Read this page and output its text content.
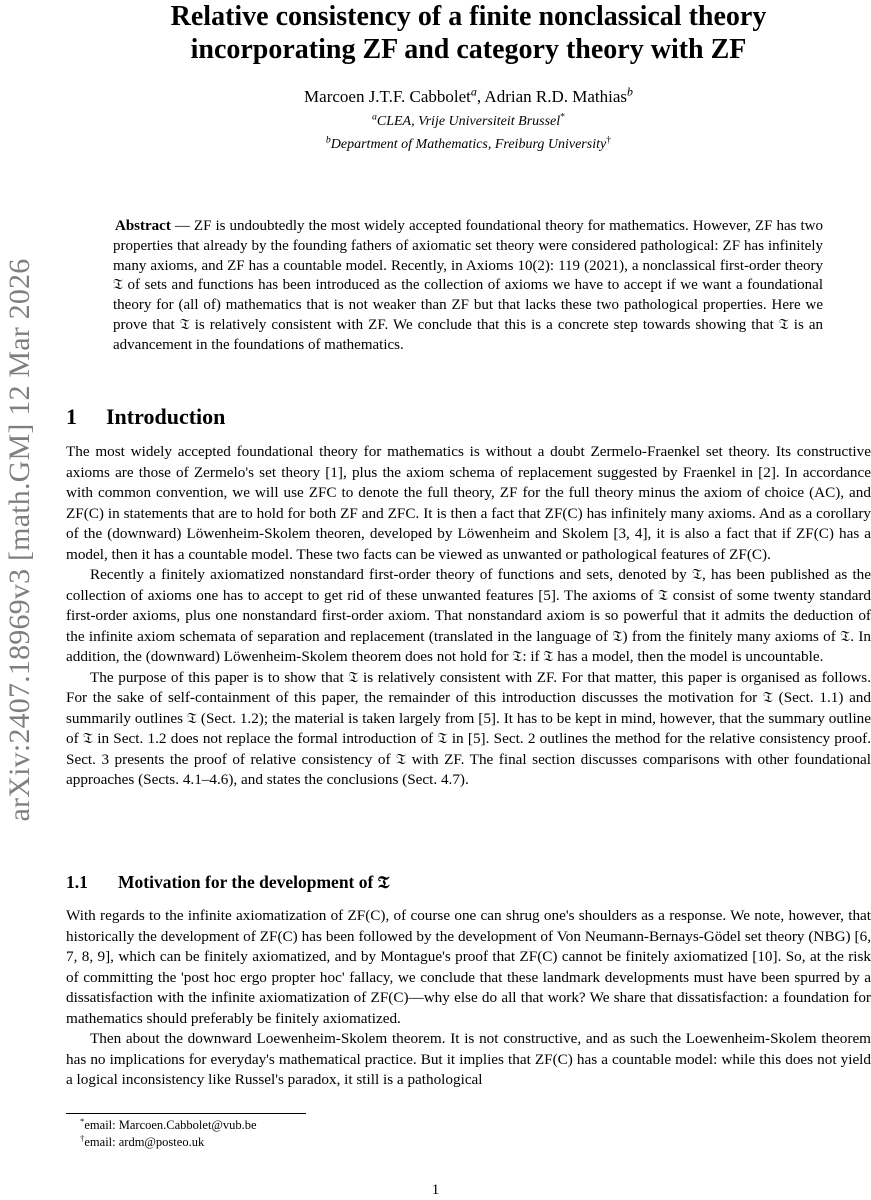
arXiv:2407.18969v3 [math.GM] 12 Mar 2026
Relative consistency of a finite nonclassical theory
incorporating ZF and category theory with ZF
Marcoen J.T.F. Cabbolet$^a$, Adrian R.D. Mathias$^b$
$^a$CLEA, Vrije Universiteit Brussel*
$^b$Department of Mathematics, Freiburg University†
Abstract — ZF is undoubtedly the most widely accepted foundational theory for mathematics. However, ZF has two properties that already by the founding fathers of axiomatic set theory were considered pathological: ZF has infinitely many axioms, and ZF has a countable model. Recently, in Axioms 10(2): 119 (2021), a nonclassical first-order theory 𝔗 of sets and functions has been introduced as the collection of axioms we have to accept if we want a foundational theory for (all of) mathematics that is not weaker than ZF but that lacks these two pathological properties. Here we prove that 𝔗 is relatively consistent with ZF. We conclude that this is a concrete step towards showing that 𝔗 is an advancement in the foundations of mathematics.
1 Introduction

The most widely accepted foundational theory for mathematics is without a doubt Zermelo-Fraenkel set theory. Its constructive axioms are those of Zermelo's set theory [1], plus the axiom schema of replacement suggested by Fraenkel in [2]. In accordance with common convention, we will use ZFC to denote the full theory, ZF for the full theory minus the axiom of choice (AC), and ZF(C) in statements that are to hold for both ZF and ZFC. It is then a fact that ZF(C) has infinitely many axioms. And as a corollary of the (downward) Löwenheim-Skolem theoren, developed by Löwenheim and Skolem [3, 4], it is also a fact that if ZF(C) has a model, then it has a countable model. These two facts can be viewed as unwanted or pathological features of ZF(C).

Recently a finitely axiomatized nonstandard first-order theory of functions and sets, denoted by 𝔗, has been published as the collection of axioms one has to accept to get rid of these unwanted features [5]. The axioms of 𝔗 consist of some twenty standard first-order axioms, plus one nonstandard first-order axiom. That nonstandard axiom is so powerful that it admits the deduction of the infinite axiom schemata of separation and replacement (translated in the language of 𝔗) from the finitely many axioms of 𝔗. In addition, the (downward) Löwenheim-Skolem theorem does not hold for 𝔗: if 𝔗 has a model, then the model is uncountable.

The purpose of this paper is to show that 𝔗 is relatively consistent with ZF. For that matter, this paper is organised as follows. For the sake of self-containment of this paper, the remainder of this introduction discusses the motivation for 𝔗 (Sect. 1.1) and summarily outlines 𝔗 (Sect. 1.2); the material is taken largely from [5]. It has to be kept in mind, however, that the summary outline of 𝔗 in Sect. 1.2 does not replace the formal introduction of 𝔗 in [5]. Sect. 2 outlines the method for the relative consistency proof. Sect. 3 presents the proof of relative consistency of 𝔗 with ZF. The final section discusses comparisons with other foundational approaches (Sects. 4.1–4.6), and states the conclusions (Sect. 4.7).

1.1 Motivation for the development of 𝔗

With regards to the infinite axiomatization of ZF(C), of course one can shrug one's shoulders as a response. We note, however, that historically the development of ZF(C) has been followed by the development of Von Neumann-Bernays-Gödel set theory (NBG) [6, 7, 8, 9], which can be finitely axiomatized, and by Montague's proof that ZF(C) cannot be finitely axiomatized [10]. So, at the risk of committing the 'post hoc ergo propter hoc' fallacy, we conclude that these landmark developments must have been spurred by a dissatisfaction with the infinite axiomatization of ZF(C)—why else do all that work? We share that dissatisfaction: a foundation for mathematics should preferably be finitely axiomatized.

Then about the downward Loewenheim-Skolem theorem. It is not constructive, and as such the Loewenheim-Skolem theorem has no implications for everyday's mathematical practice. But it implies that ZF(C) has a countable model: while this does not yield a logical inconsistency like Russel's paradox, it still is a pathological

*email: Marcoen.Cabbolet@vub.be
†email: ardm@posteo.uk
1
